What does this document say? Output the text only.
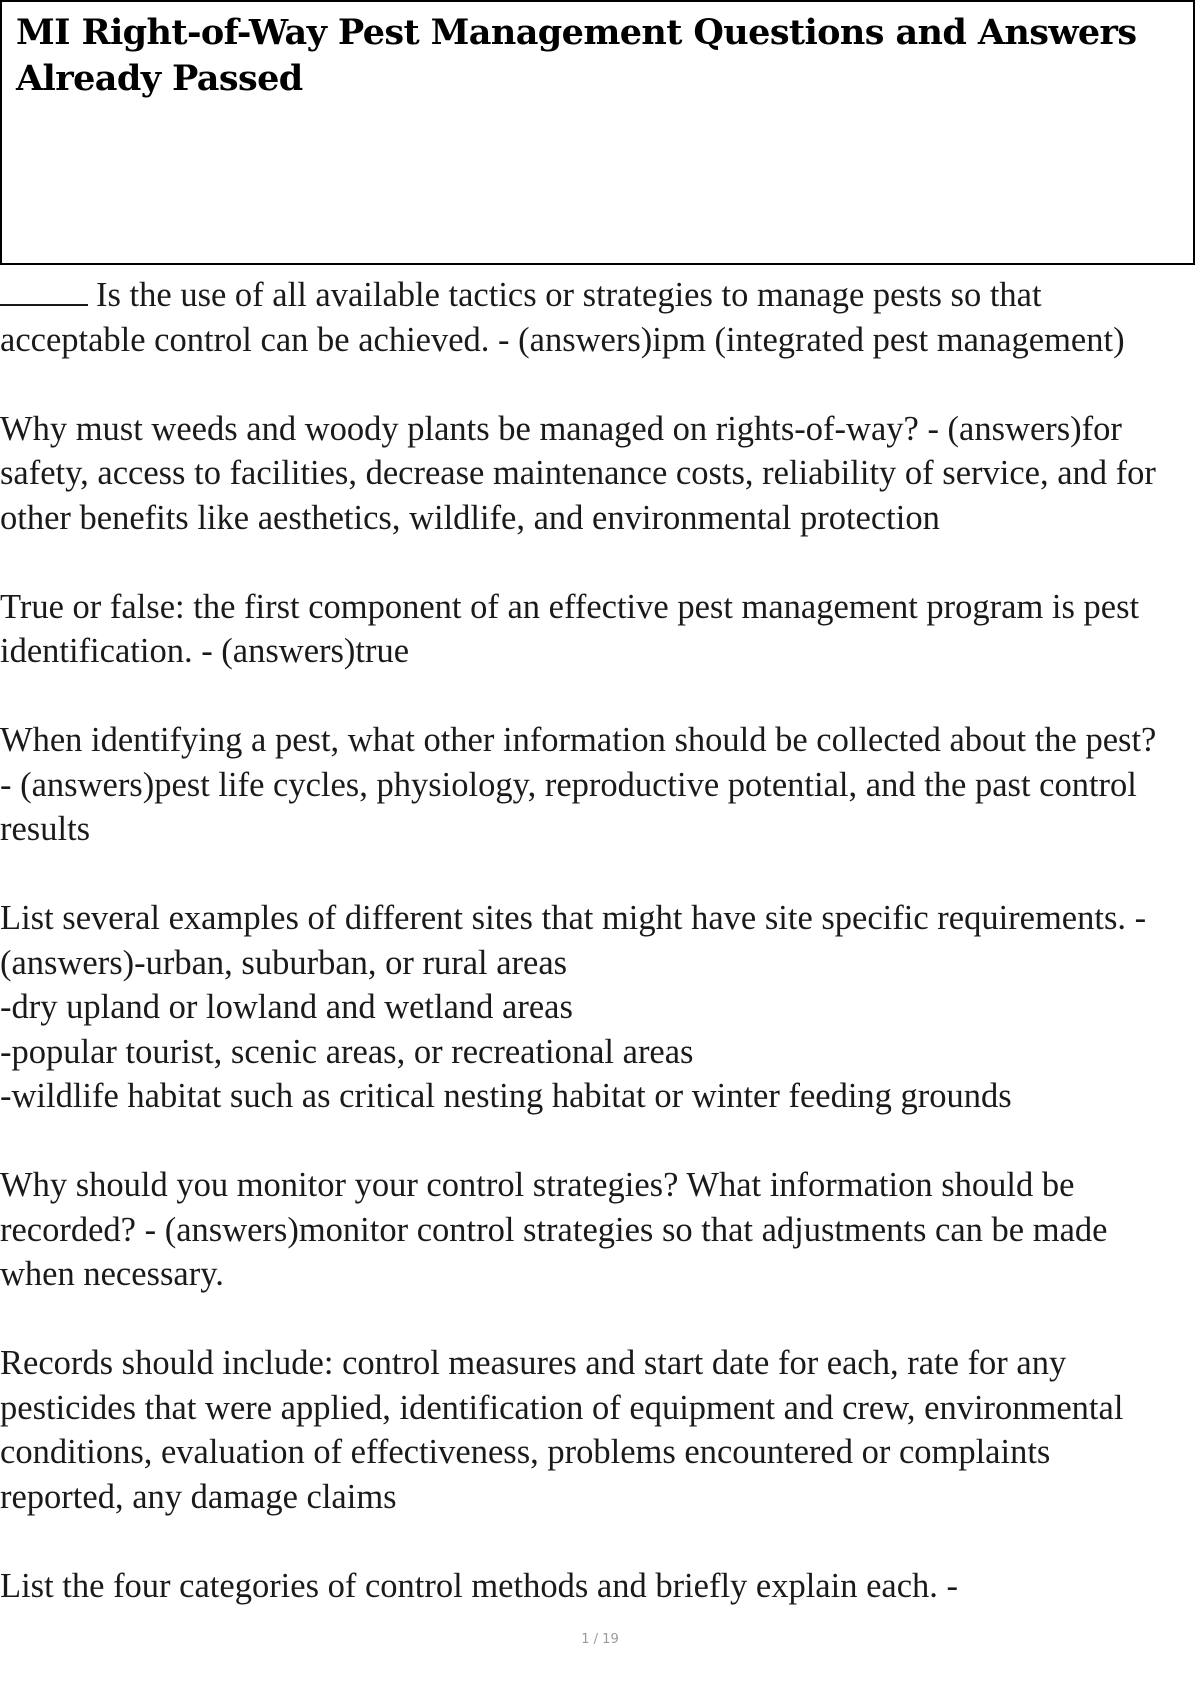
MI Right-of-Way Pest Management Questions and Answers
Already Passed

Is the use of all available tactics or strategies to manage pests so that
acceptable control can be achieved. - (answers)ipm (integrated pest management)

Why must weeds and woody plants be managed on rights-of-way? - (answers)for
safety, access to facilities, decrease maintenance costs, reliability of service, and for
other benefits like aesthetics, wildlife, and environmental protection

True or false: the first component of an effective pest management program is pest
identification. - (answers)true

When identifying a pest, what other information should be collected about the pest?
- (answers)pest life cycles, physiology, reproductive potential, and the past control
results

List several examples of different sites that might have site specific requirements. -
(answers)-urban, suburban, or rural areas
-dry upland or lowland and wetland areas
-popular tourist, scenic areas, or recreational areas
-wildlife habitat such as critical nesting habitat or winter feeding grounds

Why should you monitor your control strategies? What information should be
recorded? - (answers)monitor control strategies so that adjustments can be made
when necessary.

Records should include: control measures and start date for each, rate for any
pesticides that were applied, identification of equipment and crew, environmental
conditions, evaluation of effectiveness, problems encountered or complaints
reported, any damage claims

List the four categories of control methods and briefly explain each. -

1 / 19
